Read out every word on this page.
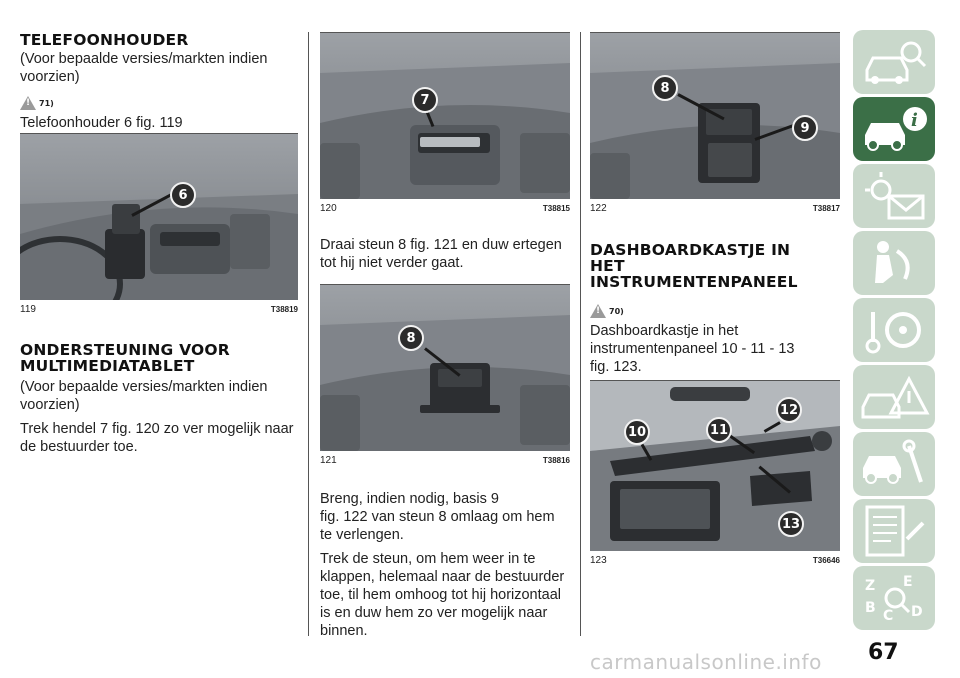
TELEFOONHOUDER
(Voor bepaalde versies/markten indien voorzien)
!
71)
Telefoonhouder 6 fig. 119
6
119	T38819
ONDERSTEUNING VOOR
MULTIMEDIATABLET
(Voor bepaalde versies/markten indien voorzien)
Trek hendel 7 fig. 120 zo ver mogelijk naar de bestuurder toe.
7
120	T38815
Draai steun 8 fig. 121 en duw ertegen tot hij niet verder gaat.
8
121	T38816
Breng, indien nodig, basis 9
fig. 122 van steun 8 omlaag om hem te verlengen.
Trek de steun, om hem weer in te klappen, helemaal naar de bestuurder toe, til hem omhoog tot hij horizontaal is en duw hem zo ver mogelijk naar binnen.
8
9
122	T38817
DASHBOARDKASTJE IN
HET
INSTRUMENTENPANEEL
!
70)
Dashboardkastje in het
instrumentenpaneel 10 - 11 - 13
fig. 123.
10	11
12
13
123	T36646
i
Z E
B C D
67
carmanualsonline.info
